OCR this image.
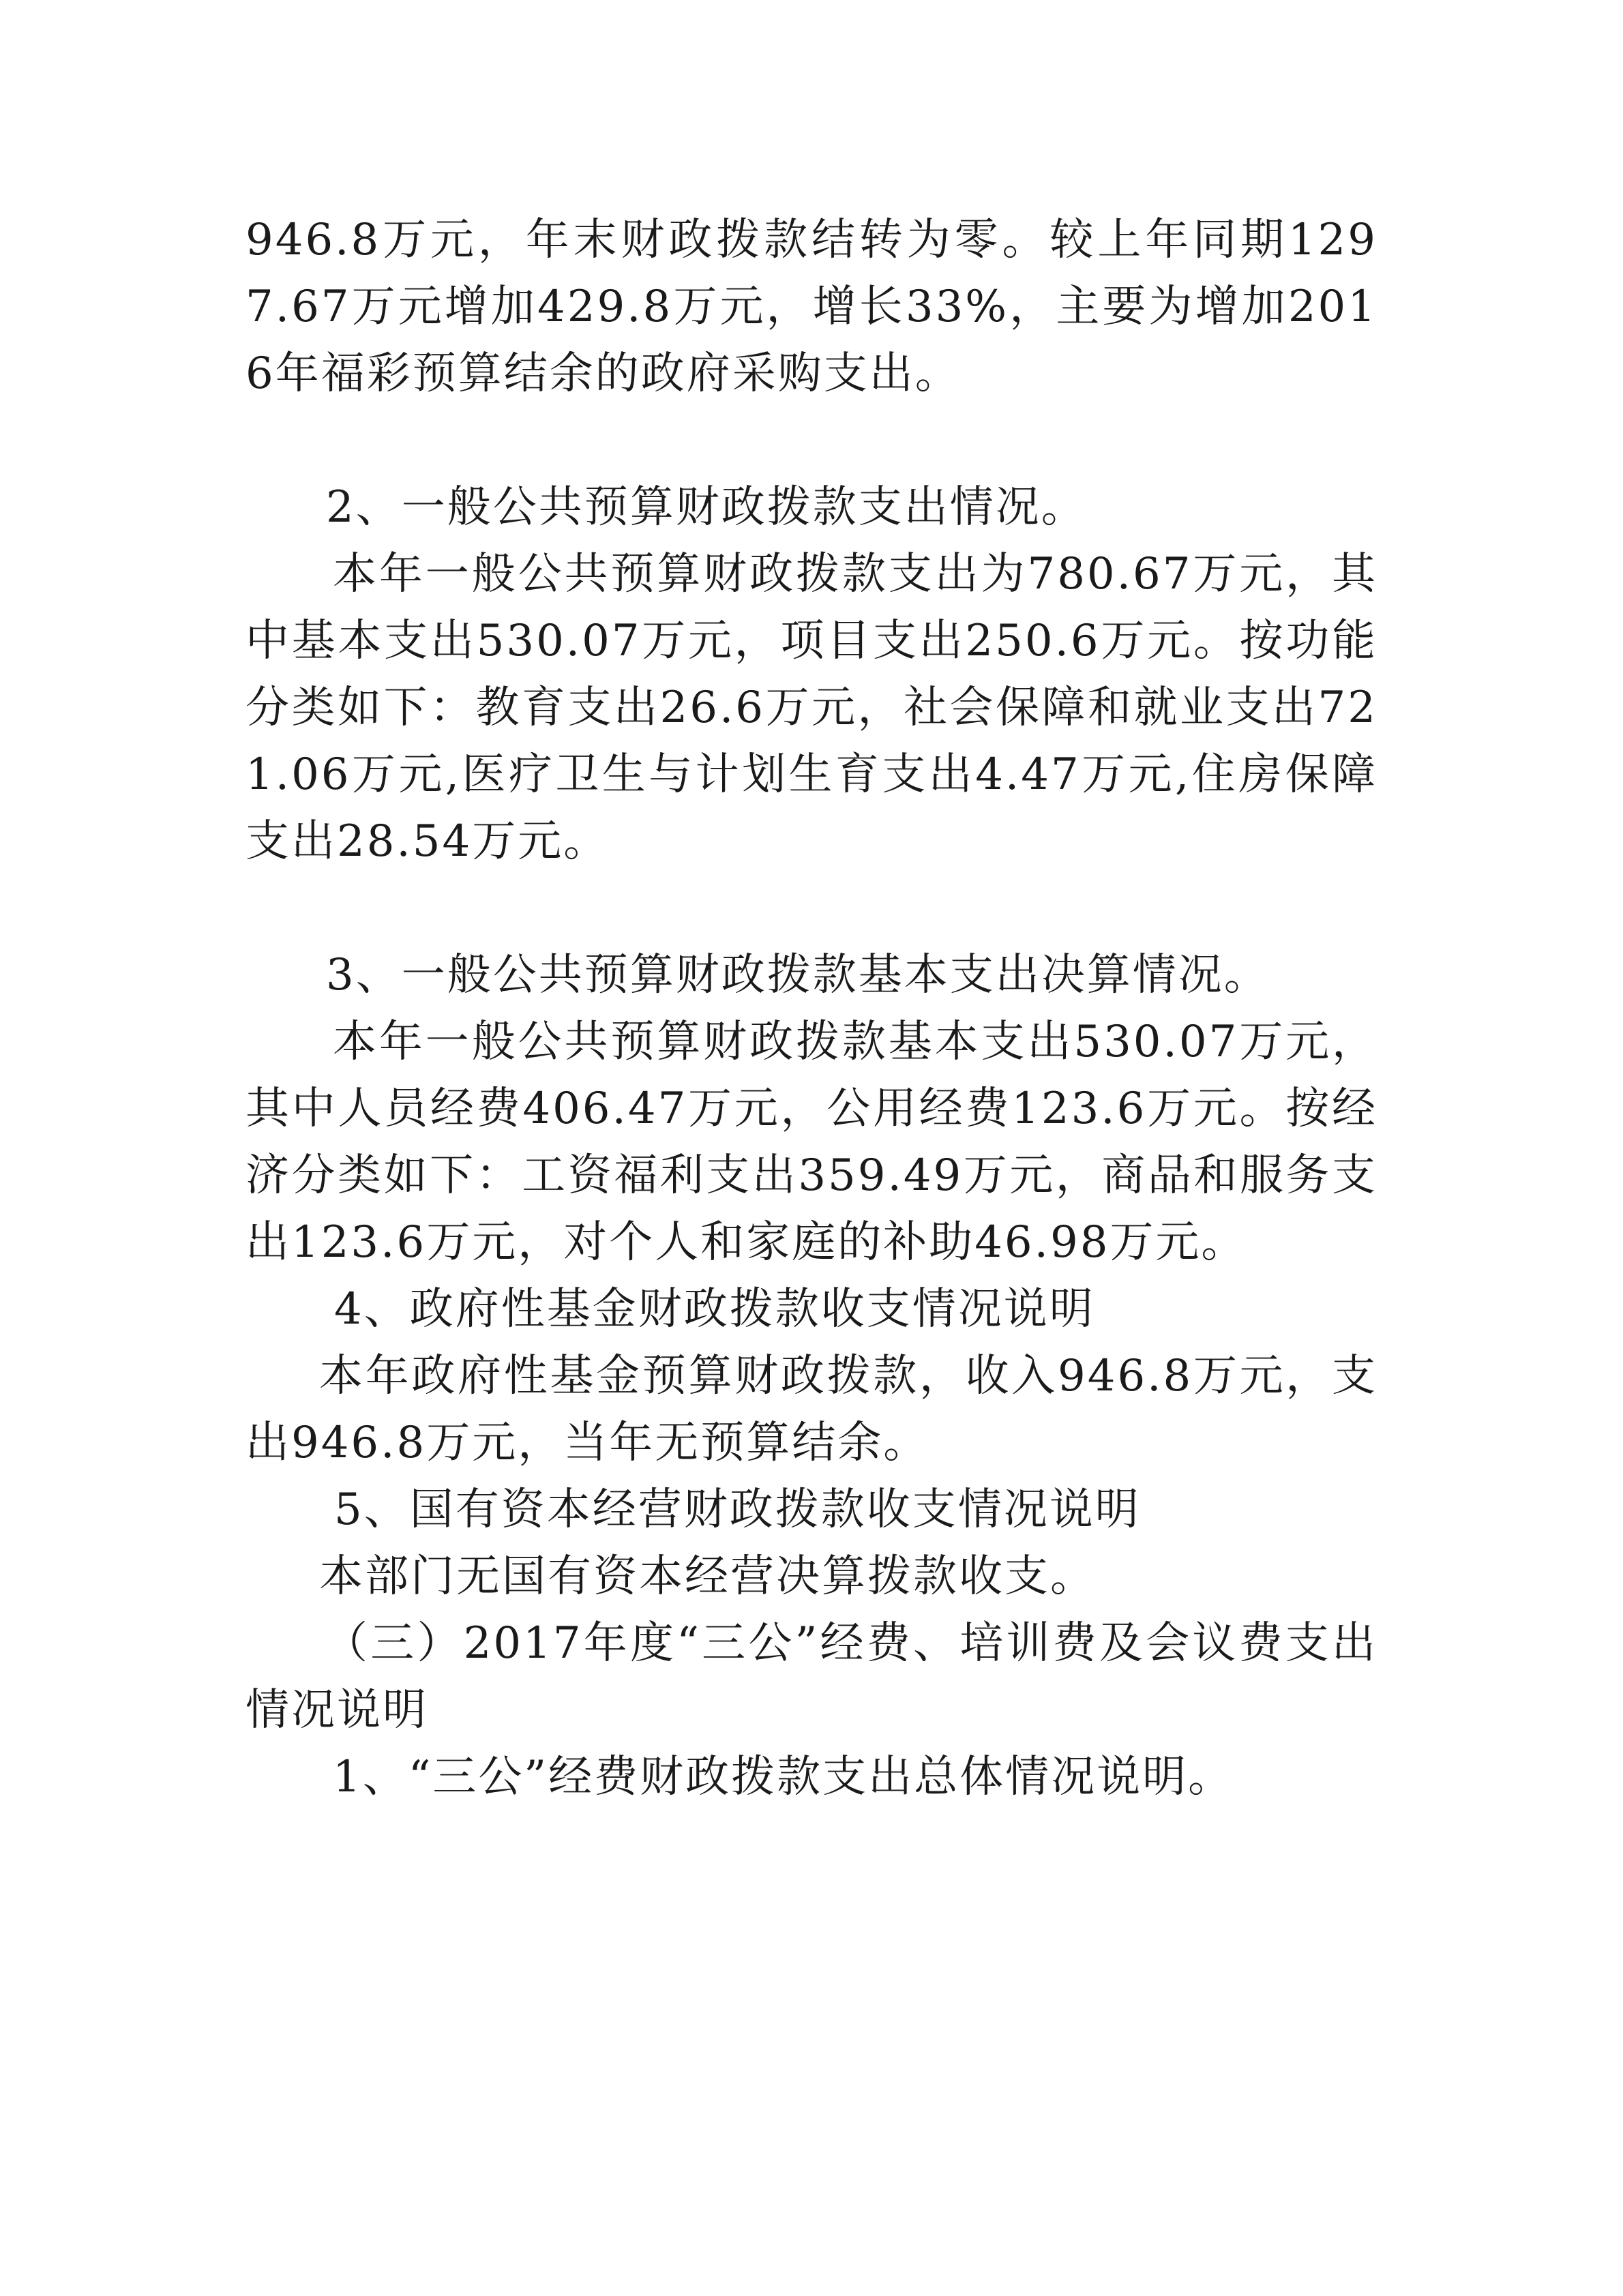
946.8万元，年末财政拨款结转为零。较上年同期1297.67万元增加429.8万元，增长33%，主要为增加2016年福彩预算结余的政府采购支出。

2、一般公共预算财政拨款支出情况。

本年一般公共预算财政拨款支出为780.67万元，其中基本支出530.07万元，项目支出250.6万元。按功能分类如下：教育支出26.6万元，社会保障和就业支出721.06万元,医疗卫生与计划生育支出4.47万元,住房保障支出28.54万元。

3、一般公共预算财政拨款基本支出决算情况。

本年一般公共预算财政拨款基本支出530.07万元，其中人员经费406.47万元，公用经费123.6万元。按经济分类如下：工资福利支出359.49万元，商品和服务支出123.6万元，对个人和家庭的补助46.98万元。

4、政府性基金财政拨款收支情况说明

本年政府性基金预算财政拨款，收入946.8万元，支出946.8万元，当年无预算结余。

5、国有资本经营财政拨款收支情况说明

本部门无国有资本经营决算拨款收支。

（三）2017年度“三公”经费、培训费及会议费支出情况说明

1、“三公”经费财政拨款支出总体情况说明。
